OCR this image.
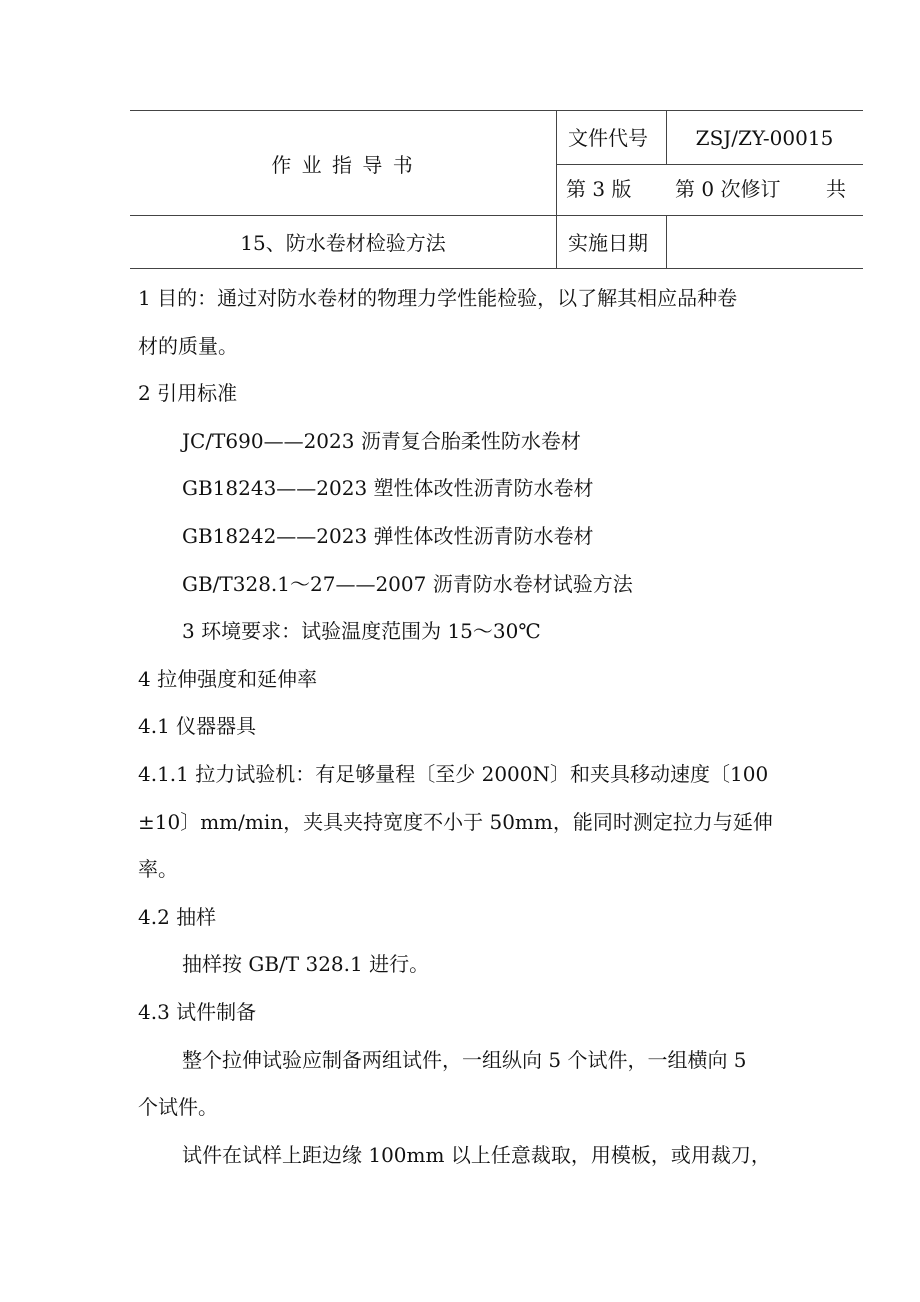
作 业 指 导 书
15、防水卷材检验方法
文件代号	ZSJ/ZY-00015
第 3 版 第 0 次修订 共
实施日期

1 目的：通过对防水卷材的物理力学性能检验，以了解其相应品种卷

材的质量。

2 引用标准

JC/T690——2023 沥青复合胎柔性防水卷材

GB18243——2023 塑性体改性沥青防水卷材

GB18242——2023 弹性体改性沥青防水卷材

GB/T328.1～27——2007 沥青防水卷材试验方法

3 环境要求：试验温度范围为 15～30℃

4 拉伸强度和延伸率

4.1 仪器器具

4.1.1 拉力试验机：有足够量程〔至少 2000N〕和夹具移动速度〔100

±10〕mm/min，夹具夹持宽度不小于 50mm，能同时测定拉力与延伸

率。

4.2 抽样

抽样按 GB/T 328.1 进行。

4.3 试件制备

整个拉伸试验应制备两组试件，一组纵向 5 个试件，一组横向 5

个试件。

试件在试样上距边缘 100mm 以上任意裁取，用模板，或用裁刀，
